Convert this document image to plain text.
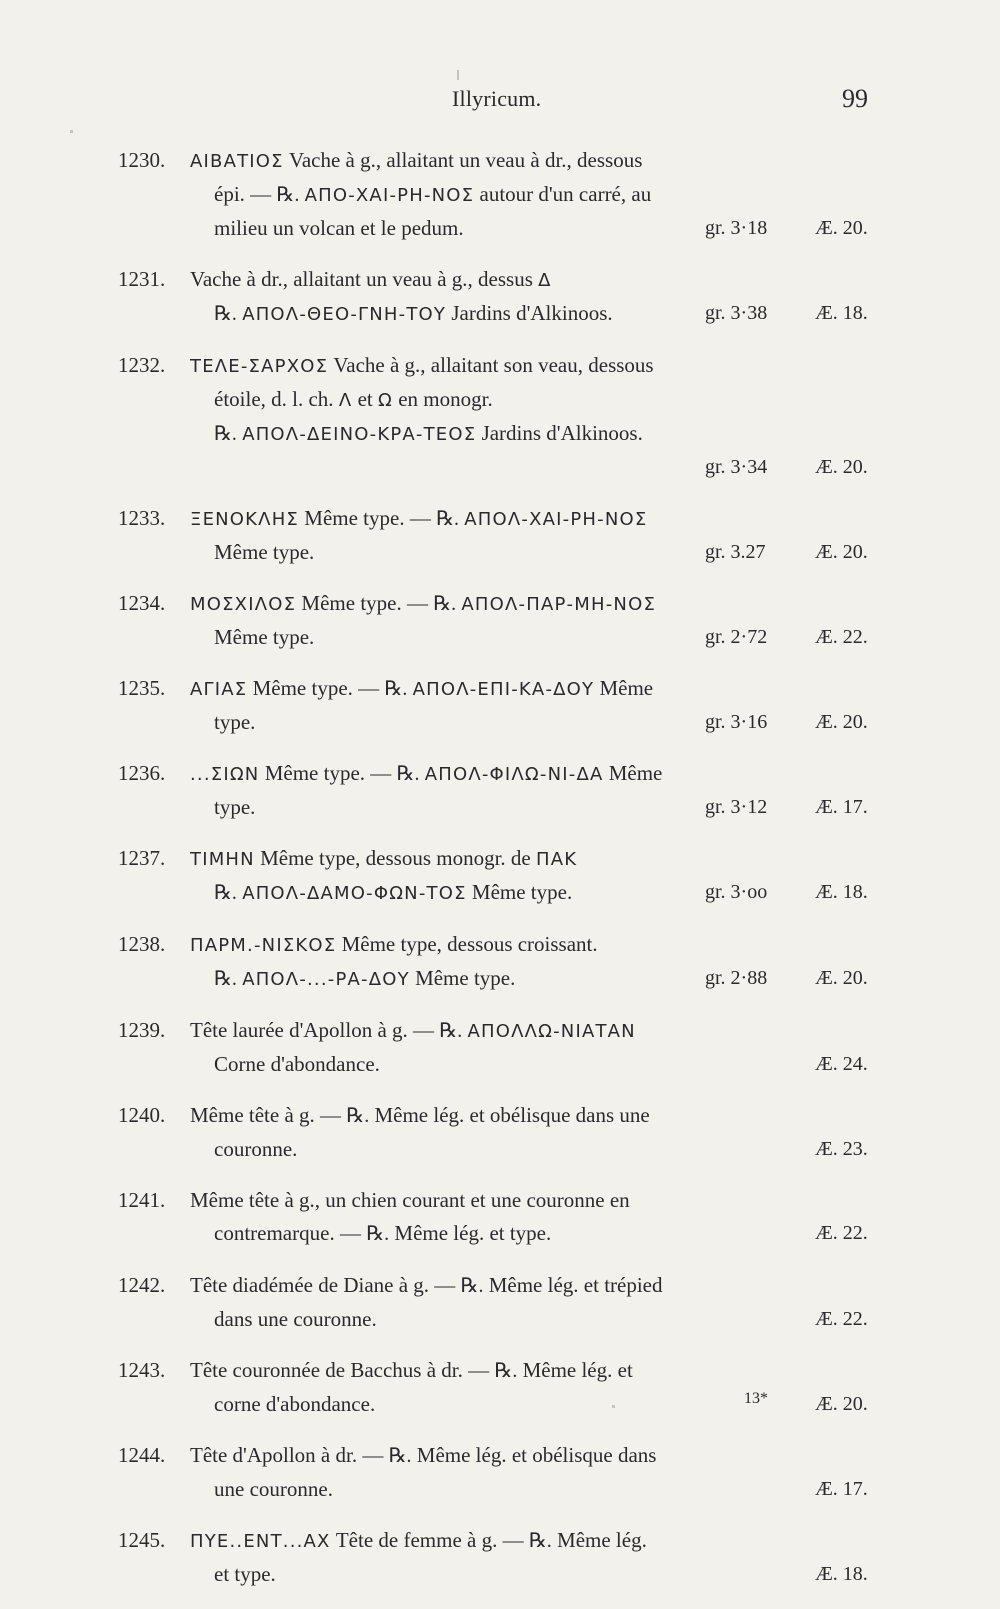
Illyricum.	99
1230.	ΑΙΒΑΤΙΟΣ Vache à g., allaitant un veau à dr., dessous
épi. — ℞. ΑΠΟ-ΧΑΙ-ΡΗ-ΝΟΣ autour d'un carré, au
milieu un volcan et le pedum.	gr. 3·18 Æ. 20.
1231.	Vache à dr., allaitant un veau à g., dessus Δ
℞. ΑΠΟΛ-ΘΕΟ-ΓΝΗ-ΤΟΥ Jardins d'Alkinoos.	gr. 3·38 Æ. 18.
1232.	ΤΕΛΕ-ΣΑΡΧΟΣ Vache à g., allaitant son veau, dessous
étoile, d. l. ch. Λ et Ω en monogr.
℞. ΑΠΟΛ-ΔΕΙΝΟ-ΚΡΑ-ΤΕΟΣ Jardins d'Alkinoos.
gr. 3·34 Æ. 20.
1233.	ΞΕΝΟΚΛΗΣ Même type. — ℞. ΑΠΟΛ-ΧΑΙ-ΡΗ-ΝΟΣ
Même type.	gr. 3.27 Æ. 20.
1234.	ΜΟΣΧΙΛΟΣ Même type. — ℞. ΑΠΟΛ-ΠΑΡ-ΜΗ-ΝΟΣ
Même type.	gr. 2·72 Æ. 22.
1235.	ΑΓΙΑΣ Même type. — ℞. ΑΠΟΛ-ΕΠΙ-ΚΑ-ΔΟΥ Même
type.	gr. 3·16 Æ. 20.
1236.	...ΣΙΩΝ Même type. — ℞. ΑΠΟΛ-ΦΙΛΩ-ΝΙ-ΔΑ Même
type.	gr. 3·12 Æ. 17.
1237.	ΤΙΜΗΝ Même type, dessous monogr. de ΠΑΚ
℞. ΑΠΟΛ-ΔΑΜΟ-ΦΩΝ-ΤΟΣ Même type.	gr. 3·oo Æ. 18.
1238.	ΠΑΡΜ.-ΝΙΣΚΟΣ Même type, dessous croissant.
℞. ΑΠΟΛ-...-ΡΑ-ΔΟΥ Même type.	gr. 2·88 Æ. 20.
1239.	Tête laurée d'Apollon à g. — ℞. ΑΠΟΛΛΩ-ΝΙΑΤΑΝ
Corne d'abondance.	Æ. 24.
1240.	Même tête à g. — ℞. Même lég. et obélisque dans une
couronne.	Æ. 23.
1241.	Même tête à g., un chien courant et une couronne en
contremarque. — ℞. Même lég. et type.	Æ. 22.
1242.	Tête diadémée de Diane à g. — ℞. Même lég. et trépied
dans une couronne.	Æ. 22.
1243.	Tête couronnée de Bacchus à dr. — ℞. Même lég. et
corne d'abondance.	Æ. 20.
1244.	Tête d'Apollon à dr. — ℞. Même lég. et obélisque dans
une couronne.	Æ. 17.
1245.	ΠΥΕ..ΕΝΤ...ΑΧ Tête de femme à g. — ℞. Même lég.
et type.	Æ. 18.
13*
